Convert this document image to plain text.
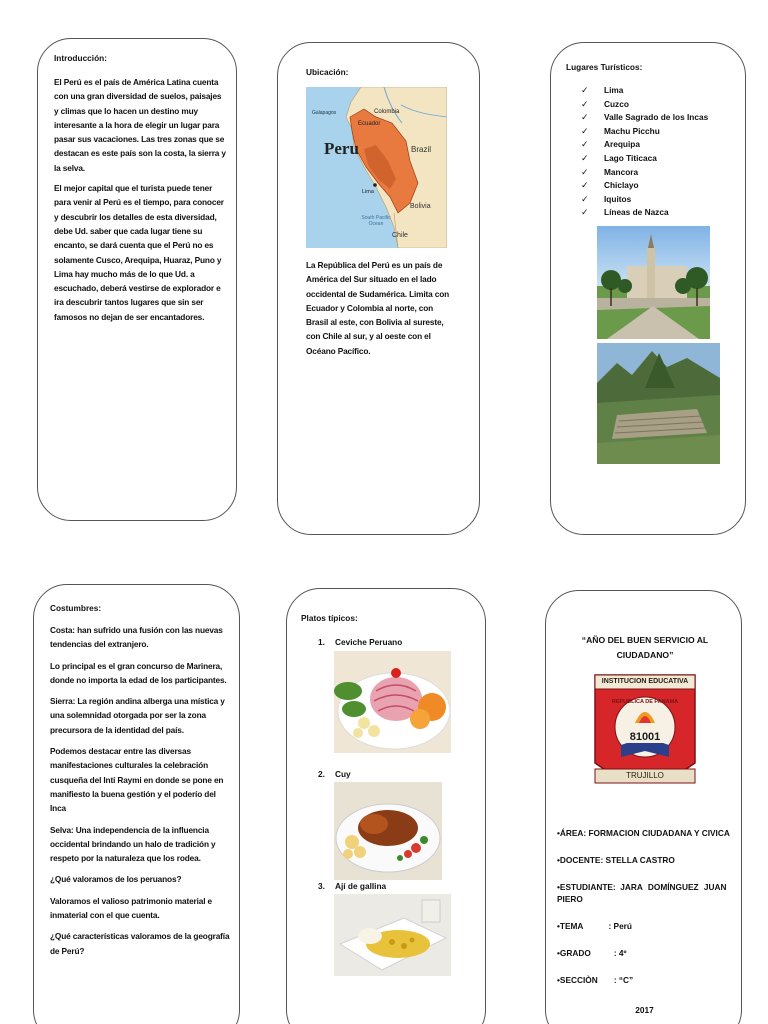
Introducción:
El Perú es el país de América Latina cuenta con una gran diversidad de suelos, paisajes y climas que lo hacen un destino muy interesante a la hora de elegir un lugar para pasar sus vacaciones. Las tres zonas que se destacan es este país son la costa, la sierra y la selva.
El mejor capital que el turista puede tener para venir al Perú es el tiempo, para conocer y descubrir los detalles de esta diversidad, debe Ud. saber que cada lugar tiene su encanto, se dará cuenta que el Perú no es solamente Cusco, Arequipa, Huaraz, Puno y Lima hay mucho más de lo que Ud. a escuchado, deberá vestirse de explorador e ira descubrir tantos lugares que sin ser famosos no dejan de ser encantadores.
Ubicación:
Galapagos	Colombia
Ecuador
Peru	Brazil
Lima
Bolivia
South Pacific Ocean
Chile
La República del Perú es un país de América del Sur situado en el lado occidental de Sudamérica. Limita con Ecuador y Colombia al norte, con Brasil al este, con Bolivia al sureste, con Chile al sur, y al oeste con el Océano Pacífico.
Lugares Turísticos:
✓	Lima
✓	Cuzco
✓	Valle Sagrado de los Incas
✓	Machu Picchu
✓	Arequipa
✓	Lago Titicaca
✓	Mancora
✓	Chiclayo
✓	Iquitos
✓	Líneas de Nazca
Costumbres:
Costa: han sufrido una fusión con las nuevas tendencias del extranjero.
Lo principal es el gran concurso de Marinera, donde no importa la edad de los participantes.
Sierra: La región andina alberga una mística y una solemnidad otorgada por ser la zona precursora de la identidad del país.
Podemos destacar entre las diversas manifestaciones culturales la celebración cusqueña del Inti Raymi en donde se pone en manifiesto la buena gestión y el poderío del Inca
Selva: Una independencia de la influencia occidental brindando un halo de tradición y respeto por la naturaleza que los rodea.
¿Qué valoramos de los peruanos?
Valoramos el valioso patrimonio material e inmaterial con el que cuenta.
¿Qué características valoramos de la geografía de Perú?
Platos típicos:
1.	Ceviche Peruano
2.	Cuy
3.	Ají de gallina
“AÑO DEL BUEN SERVICIO AL CIUDADANO”
INSTITUCION EDUCATIVA
REPUBLICA DE PANAMA
81001
TRUJILLO
•ÁREA: FORMACION CIUDADANA Y CIVICA
•DOCENTE: STELLA CASTRO
•ESTUDIANTE:  JARA DOMÍNGUEZ JUAN PIERO
•TEMA : Perú
•GRADO : 4º
•SECCIÒN : “C”
2017
